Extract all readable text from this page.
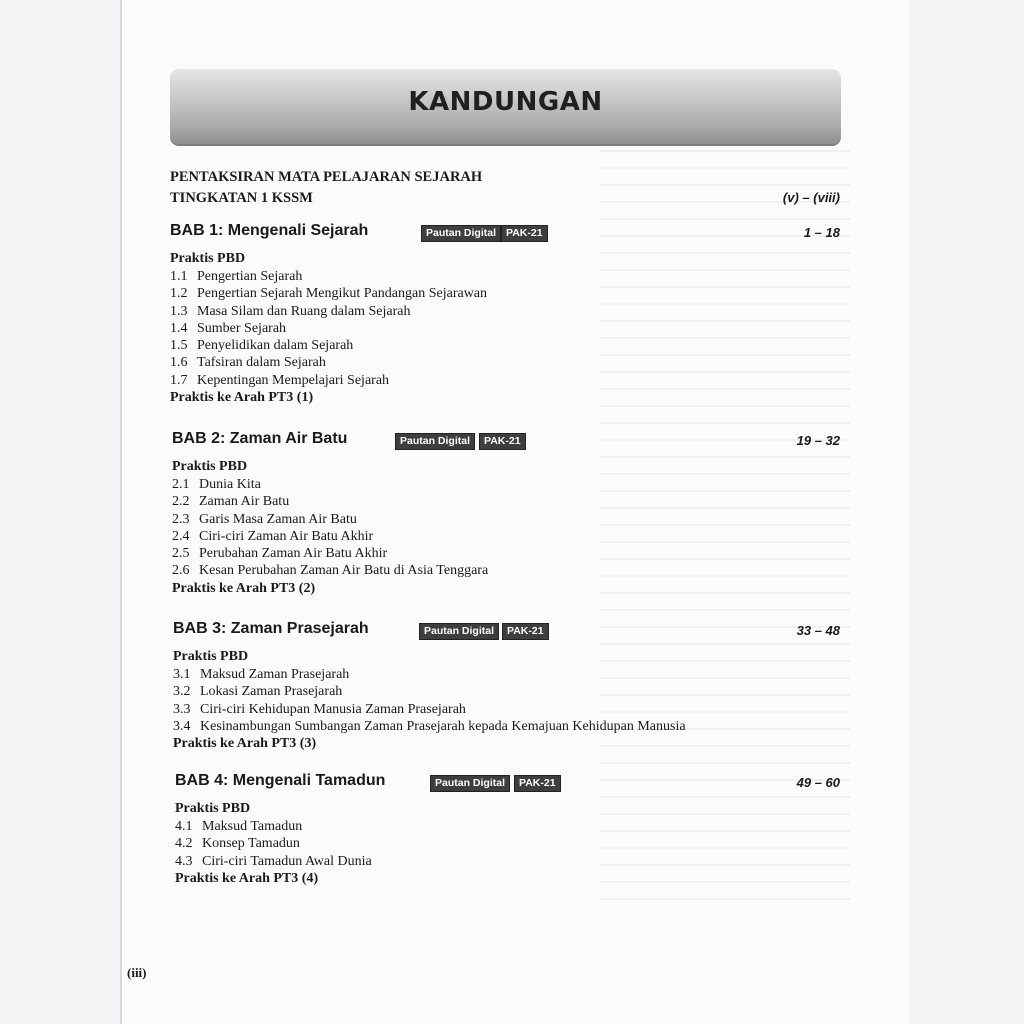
KANDUNGAN
PENTAKSIRAN MATA PELAJARAN SEJARAH
TINGKATAN 1 KSSM	(v) – (viii)
BAB 1: Mengenali Sejarah	Pautan Digital PAK-21	1 – 18
Praktis PBD
1.1 Pengertian Sejarah
1.2 Pengertian Sejarah Mengikut Pandangan Sejarawan
1.3 Masa Silam dan Ruang dalam Sejarah
1.4 Sumber Sejarah
1.5 Penyelidikan dalam Sejarah
1.6 Tafsiran dalam Sejarah
1.7 Kepentingan Mempelajari Sejarah
Praktis ke Arah PT3 (1)
BAB 2: Zaman Air Batu	Pautan Digital	PAK-21	19 – 32
Praktis PBD
2.1 Dunia Kita
2.2 Zaman Air Batu
2.3 Garis Masa Zaman Air Batu
2.4 Ciri-ciri Zaman Air Batu Akhir
2.5 Perubahan Zaman Air Batu Akhir
2.6 Kesan Perubahan Zaman Air Batu di Asia Tenggara
Praktis ke Arah PT3 (2)
BAB 3: Zaman Prasejarah	Pautan Digital	PAK-21	33 – 48
Praktis PBD
3.1 Maksud Zaman Prasejarah
3.2 Lokasi Zaman Prasejarah
3.3 Ciri-ciri Kehidupan Manusia Zaman Prasejarah
3.4 Kesinambungan Sumbangan Zaman Prasejarah kepada Kemajuan Kehidupan Manusia
Praktis ke Arah PT3 (3)
BAB 4: Mengenali Tamadun	Pautan Digital	PAK-21	49 – 60
Praktis PBD
4.1 Maksud Tamadun
4.2 Konsep Tamadun
4.3 Ciri-ciri Tamadun Awal Dunia
Praktis ke Arah PT3 (4)
(iii)
